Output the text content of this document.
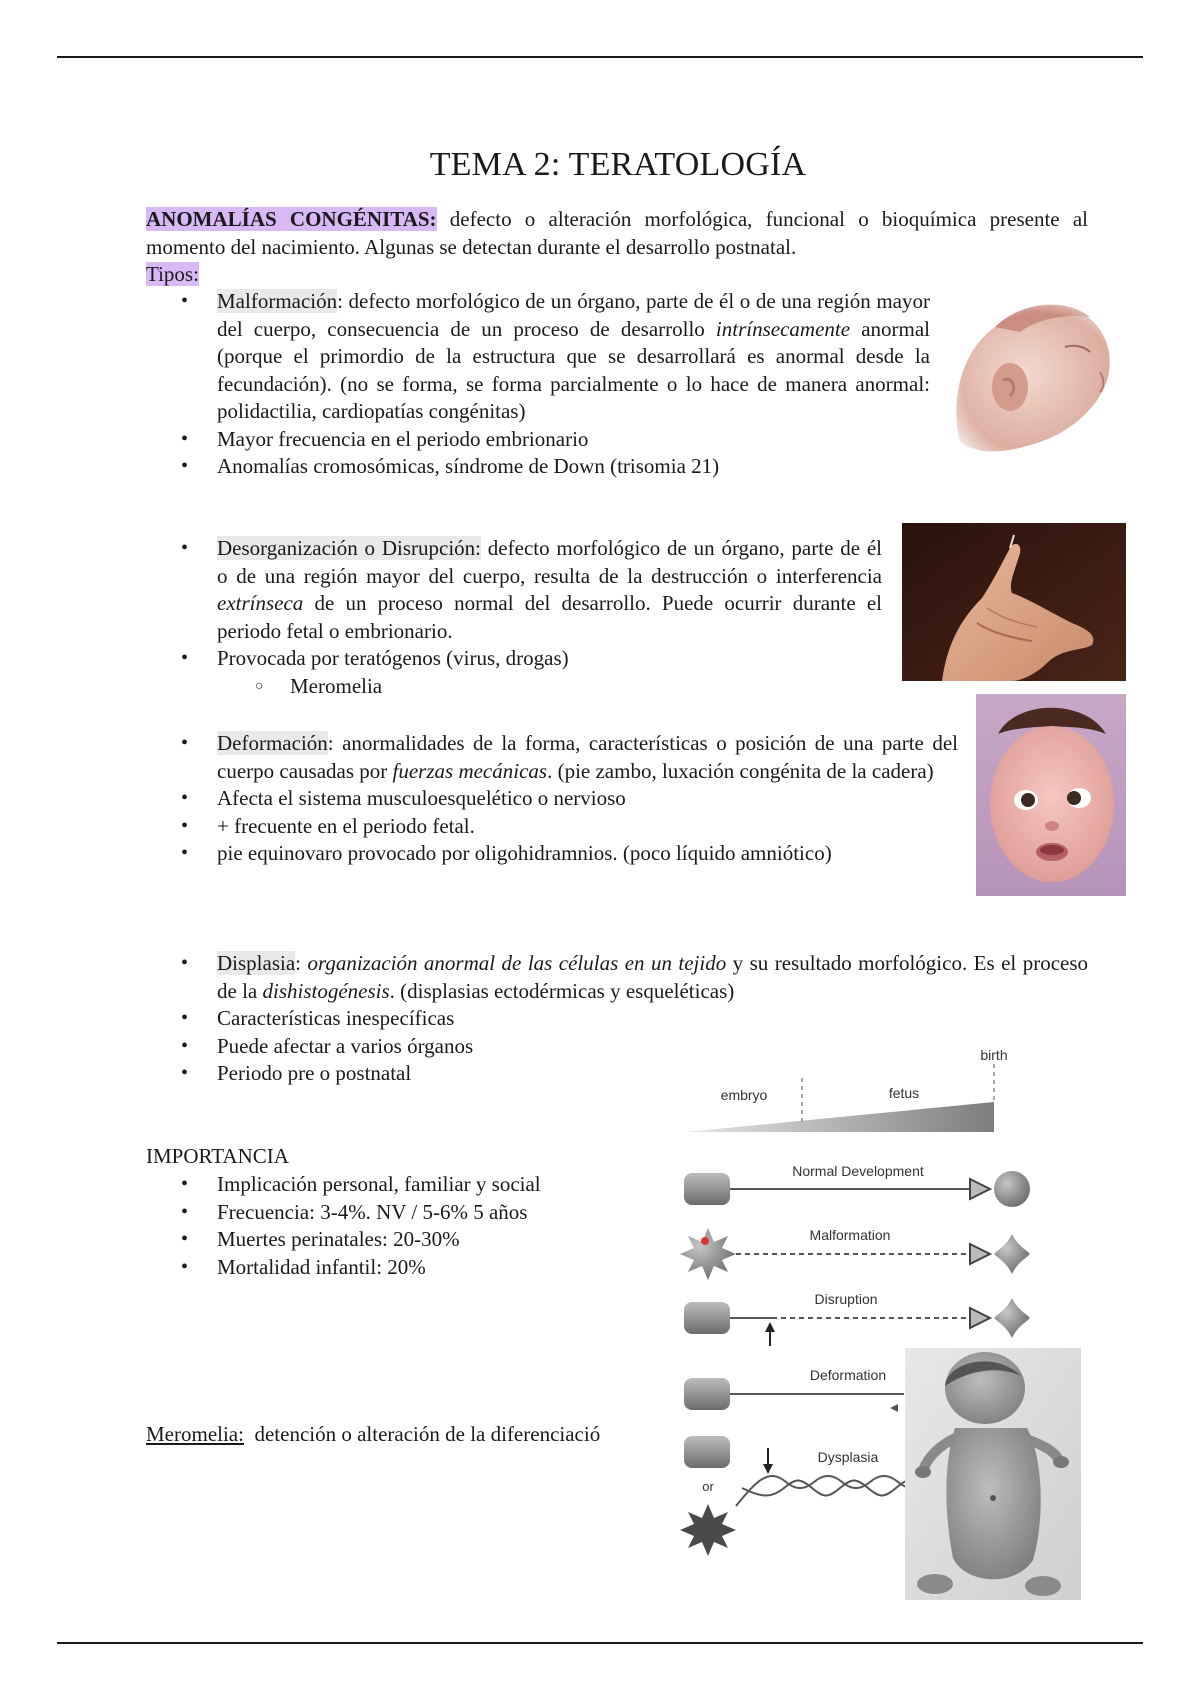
TEMA 2: TERATOLOGÍA
ANOMALÍAS CONGÉNITAS: defecto o alteración morfológica, funcional o bioquímica presente al momento del nacimiento. Algunas se detectan durante el desarrollo postnatal.
Tipos:
• Malformación: defecto morfológico de un órgano, parte de él o de una región mayor del cuerpo, consecuencia de un proceso de desarrollo intrínsecamente anormal (porque el primordio de la estructura que se desarrollará es anormal desde la fecundación). (no se forma, se forma parcialmente o lo hace de manera anormal: polidactilia, cardiopatías congénitas)
• Mayor frecuencia en el periodo embrionario
• Anomalías cromosómicas, síndrome de Down (trisomia 21)
• Desorganización o Disrupción: defecto morfológico de un órgano, parte de él o de una región mayor del cuerpo, resulta de la destrucción o interferencia extrínseca de un proceso normal del desarrollo. Puede ocurrir durante el periodo fetal o embrionario.
• Provocada por teratógenos (virus, drogas)
○ Meromelia
• Deformación: anormalidades de la forma, características o posición de una parte del cuerpo causadas por fuerzas mecánicas. (pie zambo, luxación congénita de la cadera)
• Afecta el sistema musculoesquelético o nervioso
• + frecuente en el periodo fetal.
• pie equinovaro provocado por oligohidramnios. (poco líquido amniótico)
• Displasia: organización anormal de las células en un tejido y su resultado morfológico. Es el proceso de la dishistogénesis. (displasias ectodérmicas y esqueléticas)
• Características inespecíficas
• Puede afectar a varios órganos
• Periodo pre o postnatal
IMPORTANCIA
• Implicación personal, familiar y social
• Frecuencia: 3-4%. NV / 5-6% 5 años
• Muertes perinatales: 20-30%
• Mortalidad infantil: 20%
Meromelia:  detención o alteración de la diferenciació
embryo	fetus
birth
Normal Development
Malformation
Disruption
Deformation
or
Dysplasia
